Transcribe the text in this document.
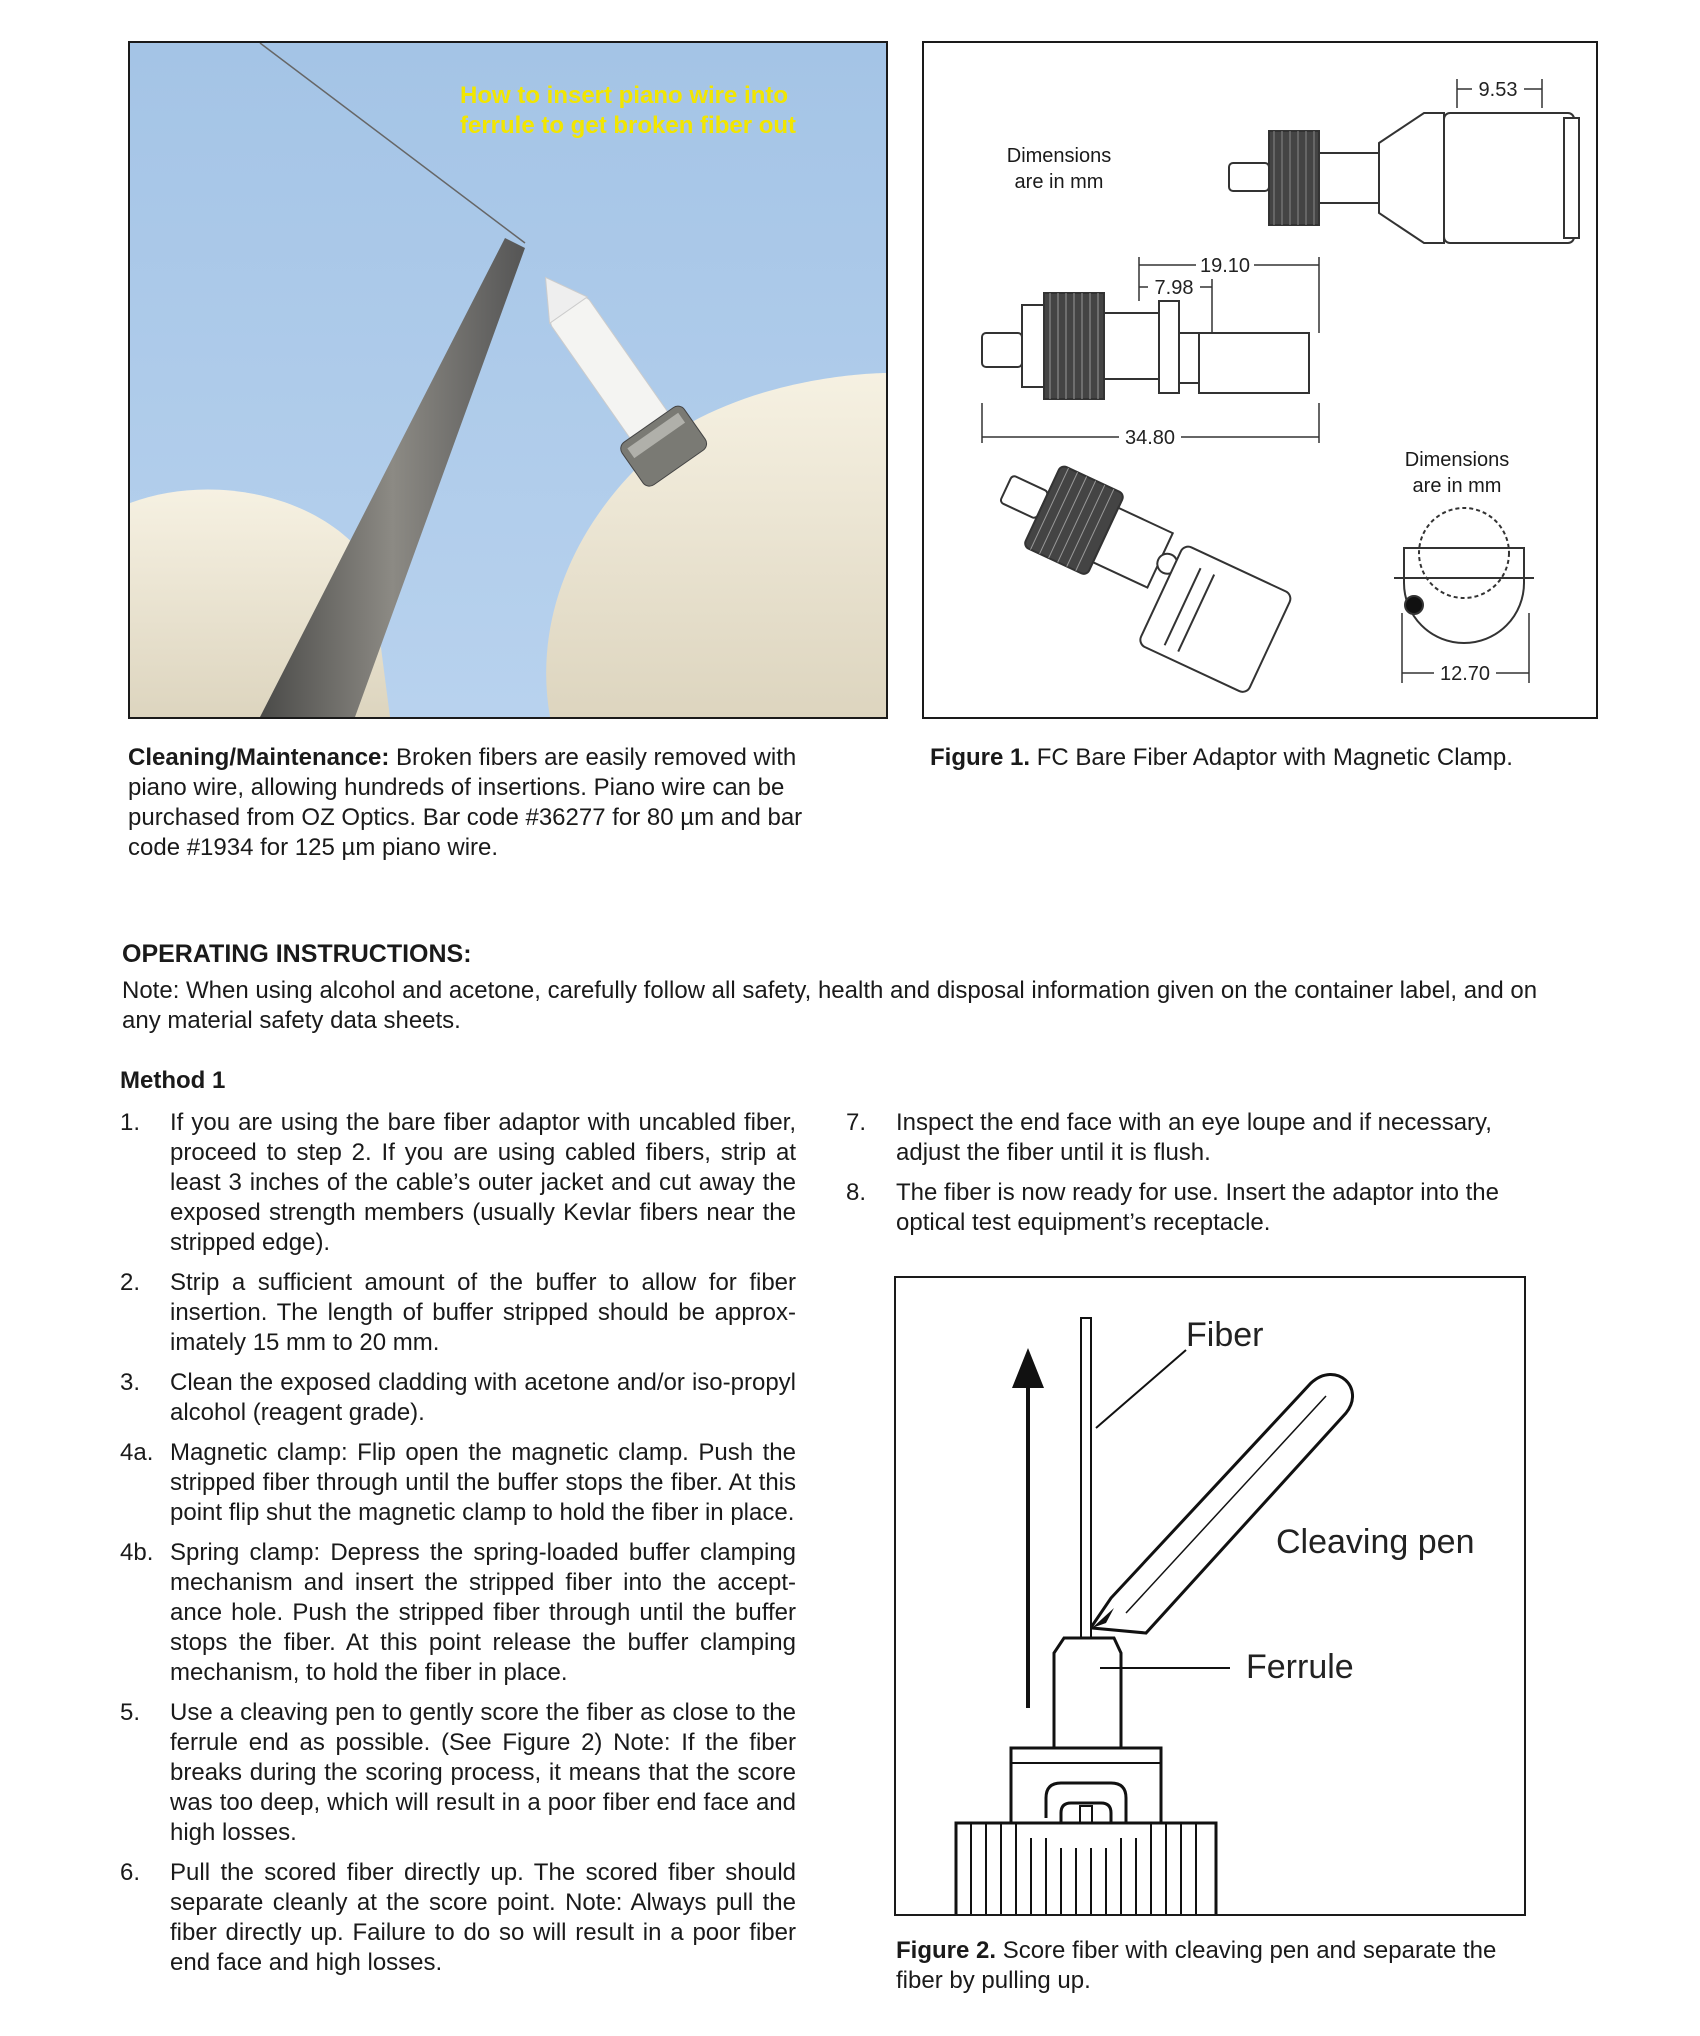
How to insert piano wire into
ferrule to get broken fiber out
9.53
19.10
7.98
34.80
12.70
Dimensions
are in mm
Dimensions
are in mm
Figure 1. FC Bare Fiber Adaptor with Magnetic Clamp.
Cleaning/Maintenance: Broken fibers are easily removed with piano wire, allowing hundreds of insertions. Piano wire can be purchased from OZ Optics. Bar code #36277 for 80 µm and bar code #1934 for 125 µm piano wire.
OPERATING INSTRUCTIONS:
Note: When using alcohol and acetone, carefully follow all safety, health and disposal information given on the container label, and on any material safety data sheets.
Method 1
1. If you are using the bare fiber adaptor with uncabled fiber, proceed to step 2. If you are using cabled fibers, strip at least 3 inches of the cable’s outer jacket and cut away the exposed strength members (usually Kevlar fibers near the stripped edge).
2. Strip a sufficient amount of the buffer to allow for fiber insertion. The length of buffer stripped should be approx-imately 15 mm to 20 mm.
3. Clean the exposed cladding with acetone and/or iso-propyl alcohol (reagent grade).
4a. Magnetic clamp: Flip open the magnetic clamp. Push the stripped fiber through until the buffer stops the fiber. At this point flip shut the magnetic clamp to hold the fiber in place.
4b. Spring clamp: Depress the spring-loaded buffer clamping mechanism and insert the stripped fiber into the accept-ance hole. Push the stripped fiber through until the buffer stops the fiber. At this point release the buffer clamping mechanism, to hold the fiber in place.
5. Use a cleaving pen to gently score the fiber as close to the ferrule end as possible. (See Figure 2) Note: If the fiber breaks during the scoring process, it means that the score was too deep, which will result in a poor fiber end face and high losses.
6. Pull the scored fiber directly up. The scored fiber should separate cleanly at the score point. Note: Always pull the fiber directly up. Failure to do so will result in a poor fiber end face and high losses.
7. Inspect the end face with an eye loupe and if necessary, adjust the fiber until it is flush.
8. The fiber is now ready for use. Insert the adaptor into the optical test equipment’s receptacle.
Fiber
Cleaving pen
Ferrule
Figure 2. Score fiber with cleaving pen and separate the fiber by pulling up.
